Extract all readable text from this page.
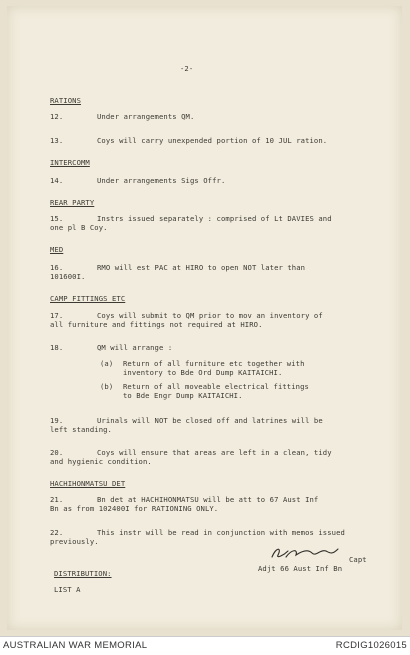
-2-
RATIONS
12.	Under arrangements QM.
13.	Coys will carry unexpended portion of 10 JUL ration.
INTERCOMM
14.	Under arrangements Sigs Offr.
REAR PARTY
15.	Instrs issued separately : comprised of Lt DAVIES and
one pl B Coy.
MED
16.	RMO will est PAC at HIRO to open NOT later than
101600I.
CAMP FITTINGS ETC
17.	Coys will submit to QM prior to mov an inventory of
all furniture and fittings not required at HIRO.
18.	QM will arrange :
(a) Return of all furniture etc together with
inventory to Bde Ord Dump KAITAICHI.
(b) Return of all moveable electrical fittings
to Bde Engr Dump KAITAICHI.
19.	Urinals will NOT be closed off and latrines will be
left standing.
20.	Coys will ensure that areas are left in a clean, tidy
and hygienic condition.
HACHIHONMATSU DET
21.	Bn det at HACHIHONMATSU will be att to 67 Aust Inf
Bn as from 102400I for RATIONING ONLY.
22.	This instr will be read in conjunction with memos issued
previously.
Capt
Adjt 66 Aust Inf Bn
DISTRIBUTION:
LIST A
AUSTRALIAN WAR MEMORIAL	RCDIG1026015
